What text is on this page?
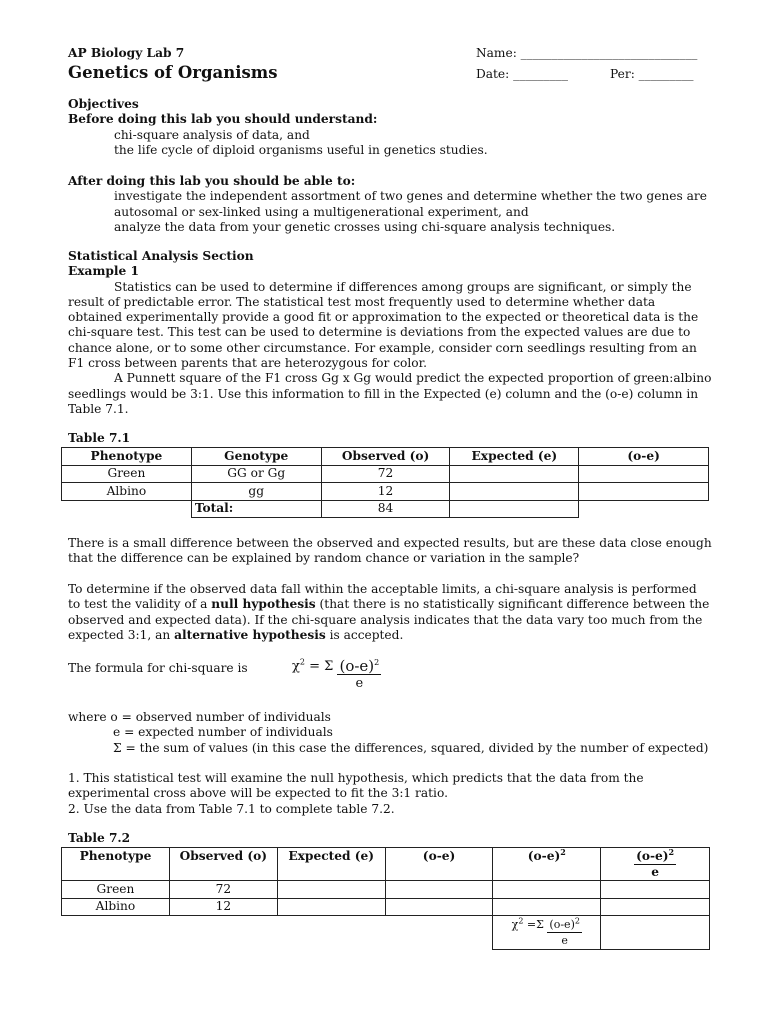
AP Biology Lab 7

Genetics of Organisms

Name: _____________________________

Date: _________	Per: _________

Objectives

Before doing this lab you should understand:

chi-square analysis of data, and

the life cycle of diploid organisms useful in genetics studies.

After doing this lab you should be able to:

investigate the independent assortment of two genes and determine whether the two genes are

autosomal or sex-linked using a multigenerational experiment, and

analyze the data from your genetic crosses using chi-square analysis techniques.

Statistical Analysis Section

Example 1

Statistics can be used to determine if differences among groups are significant, or simply the

result of predictable error. The statistical test most frequently used to determine whether data

obtained experimentally provide a good fit or approximation to the expected or theoretical data is the

chi-square test. This test can be used to determine is deviations from the expected values are due to

chance alone, or to some other circumstance. For example, consider corn seedlings resulting from an

F1 cross between parents that are heterozygous for color.

A Punnett square of the F1 cross Gg x Gg would predict the expected proportion of green:albino

seedlings would be 3:1. Use this information to fill in the Expected (e) column and the (o-e) column in

Table 7.1.

Table 7.1

Phenotype	Genotype	Observed (o)	Expected (e)	(o-e)
Green	GG or Gg	72		
Albino	gg	12		
	Total:	84		

There is a small difference between the observed and expected results, but are these data close enough

that the difference can be explained by random chance or variation in the sample?

To determine if the observed data fall within the acceptable limits, a chi-square analysis is performed

to test the validity of a null hypothesis (that there is no statistically significant difference between the

observed and expected data). If the chi-square analysis indicates that the data vary too much from the

expected 3:1, an alternative hypothesis is accepted.

The formula for chi-square is	$\chi^2 = \Sigma \frac{(o-e)^2}{e}$

where o = observed number of individuals

e = expected number of individuals

Σ = the sum of values (in this case the differences, squared, divided by the number of expected)

1. This statistical test will examine the null hypothesis, which predicts that the data from the

experimental cross above will be expected to fit the 3:1 ratio.

2. Use the data from Table 7.1 to complete table 7.2.

Table 7.2

Phenotype	Observed (o)	Expected (e)	(o-e)	$(o-e)^2$	$\frac{(o-e)^2}{e}$

Green	72				
Albino	12				
				$\chi^2 =\Sigma \frac{(o-e)^2}{e}$
